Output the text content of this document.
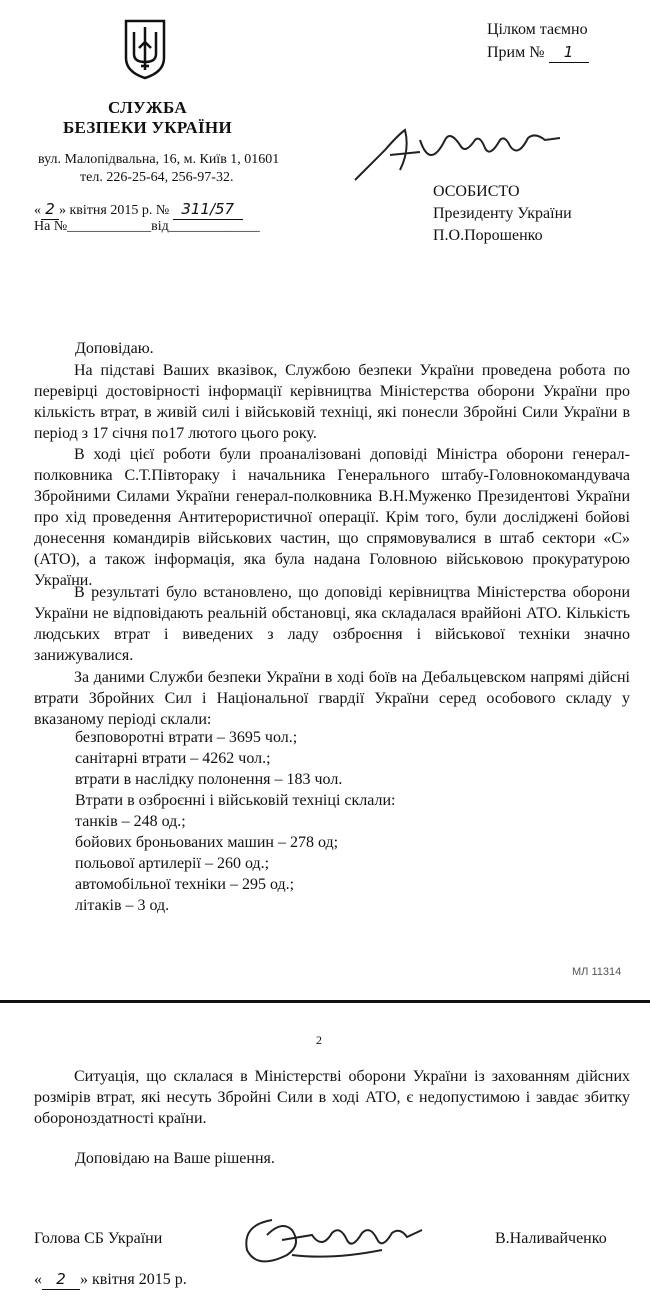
Цілком таємно
Прим № 1
СЛУЖБА
БЕЗПЕКИ УКРАЇНИ
вул. Малопідвальна, 16, м. Київ 1, 01601
тел. 226-25-64, 256-97-32.
« 2 » квітня 2015 р. № 311/57
На №____________від_____________
ОСОБИСТО
Президенту України
П.О.Порошенко
Доповідаю.
На підставі Ваших вказівок, Службою безпеки України проведена робота по перевірці достовірності інформації керівництва Міністерства оборони України про кількість втрат, в живій силі і військовій техніці, які понесли Збройні Сили України в період з 17 січня по17 лютого цього року.
В ході цієї роботи були проаналізовані доповіді Міністра оборони генерал-полковника С.Т.Півтораку і начальника Генерального штабу-Головнокомандувача Збройними Силами України генерал-полковника В.Н.Муженко Президентові України про хід проведення Антитерористичної операції. Крім того, були досліджені бойові донесення командирів військових частин, що спрямовувалися в штаб сектори «С» (АТО), а також інформація, яка була надана Головною військовою прокуратурою України.
В результаті було встановлено, що доповіді керівництва Міністерства оборони України не відповідають реальній обстановці, яка складалася враййоні АТО. Кількість людських втрат і виведених з ладу озброєння і військової техніки значно занижувалися.
За даними Служби безпеки України в ході боїв на Дебальцевском напрямі дійсні втрати Збройних Сил і Національної гвардії України серед особового складу у вказаному періоді склали:
безповоротні втрати – 3695 чол.;
санітарні втрати – 4262 чол.;
втрати в наслідку полонення – 183 чол.
Втрати в озброєнні і військовій техніці склали:
танків – 248 од.;
бойових броньованих машин – 278 од;
польової артилерії – 260 од.;
автомобільної техніки – 295 од.;
літаків – 3 од.
МЛ 11314
2
Ситуація, що склалася в Міністерстві оборони України із захованням дійсних розмірів втрат, які несуть Збройні Сили в ході АТО, є недопустимою і завдає збитку обороноздатності країни.
Доповідаю на Ваше рішення.
Голова СБ України	В.Наливайченко
« 2 » квітня 2015 р.
